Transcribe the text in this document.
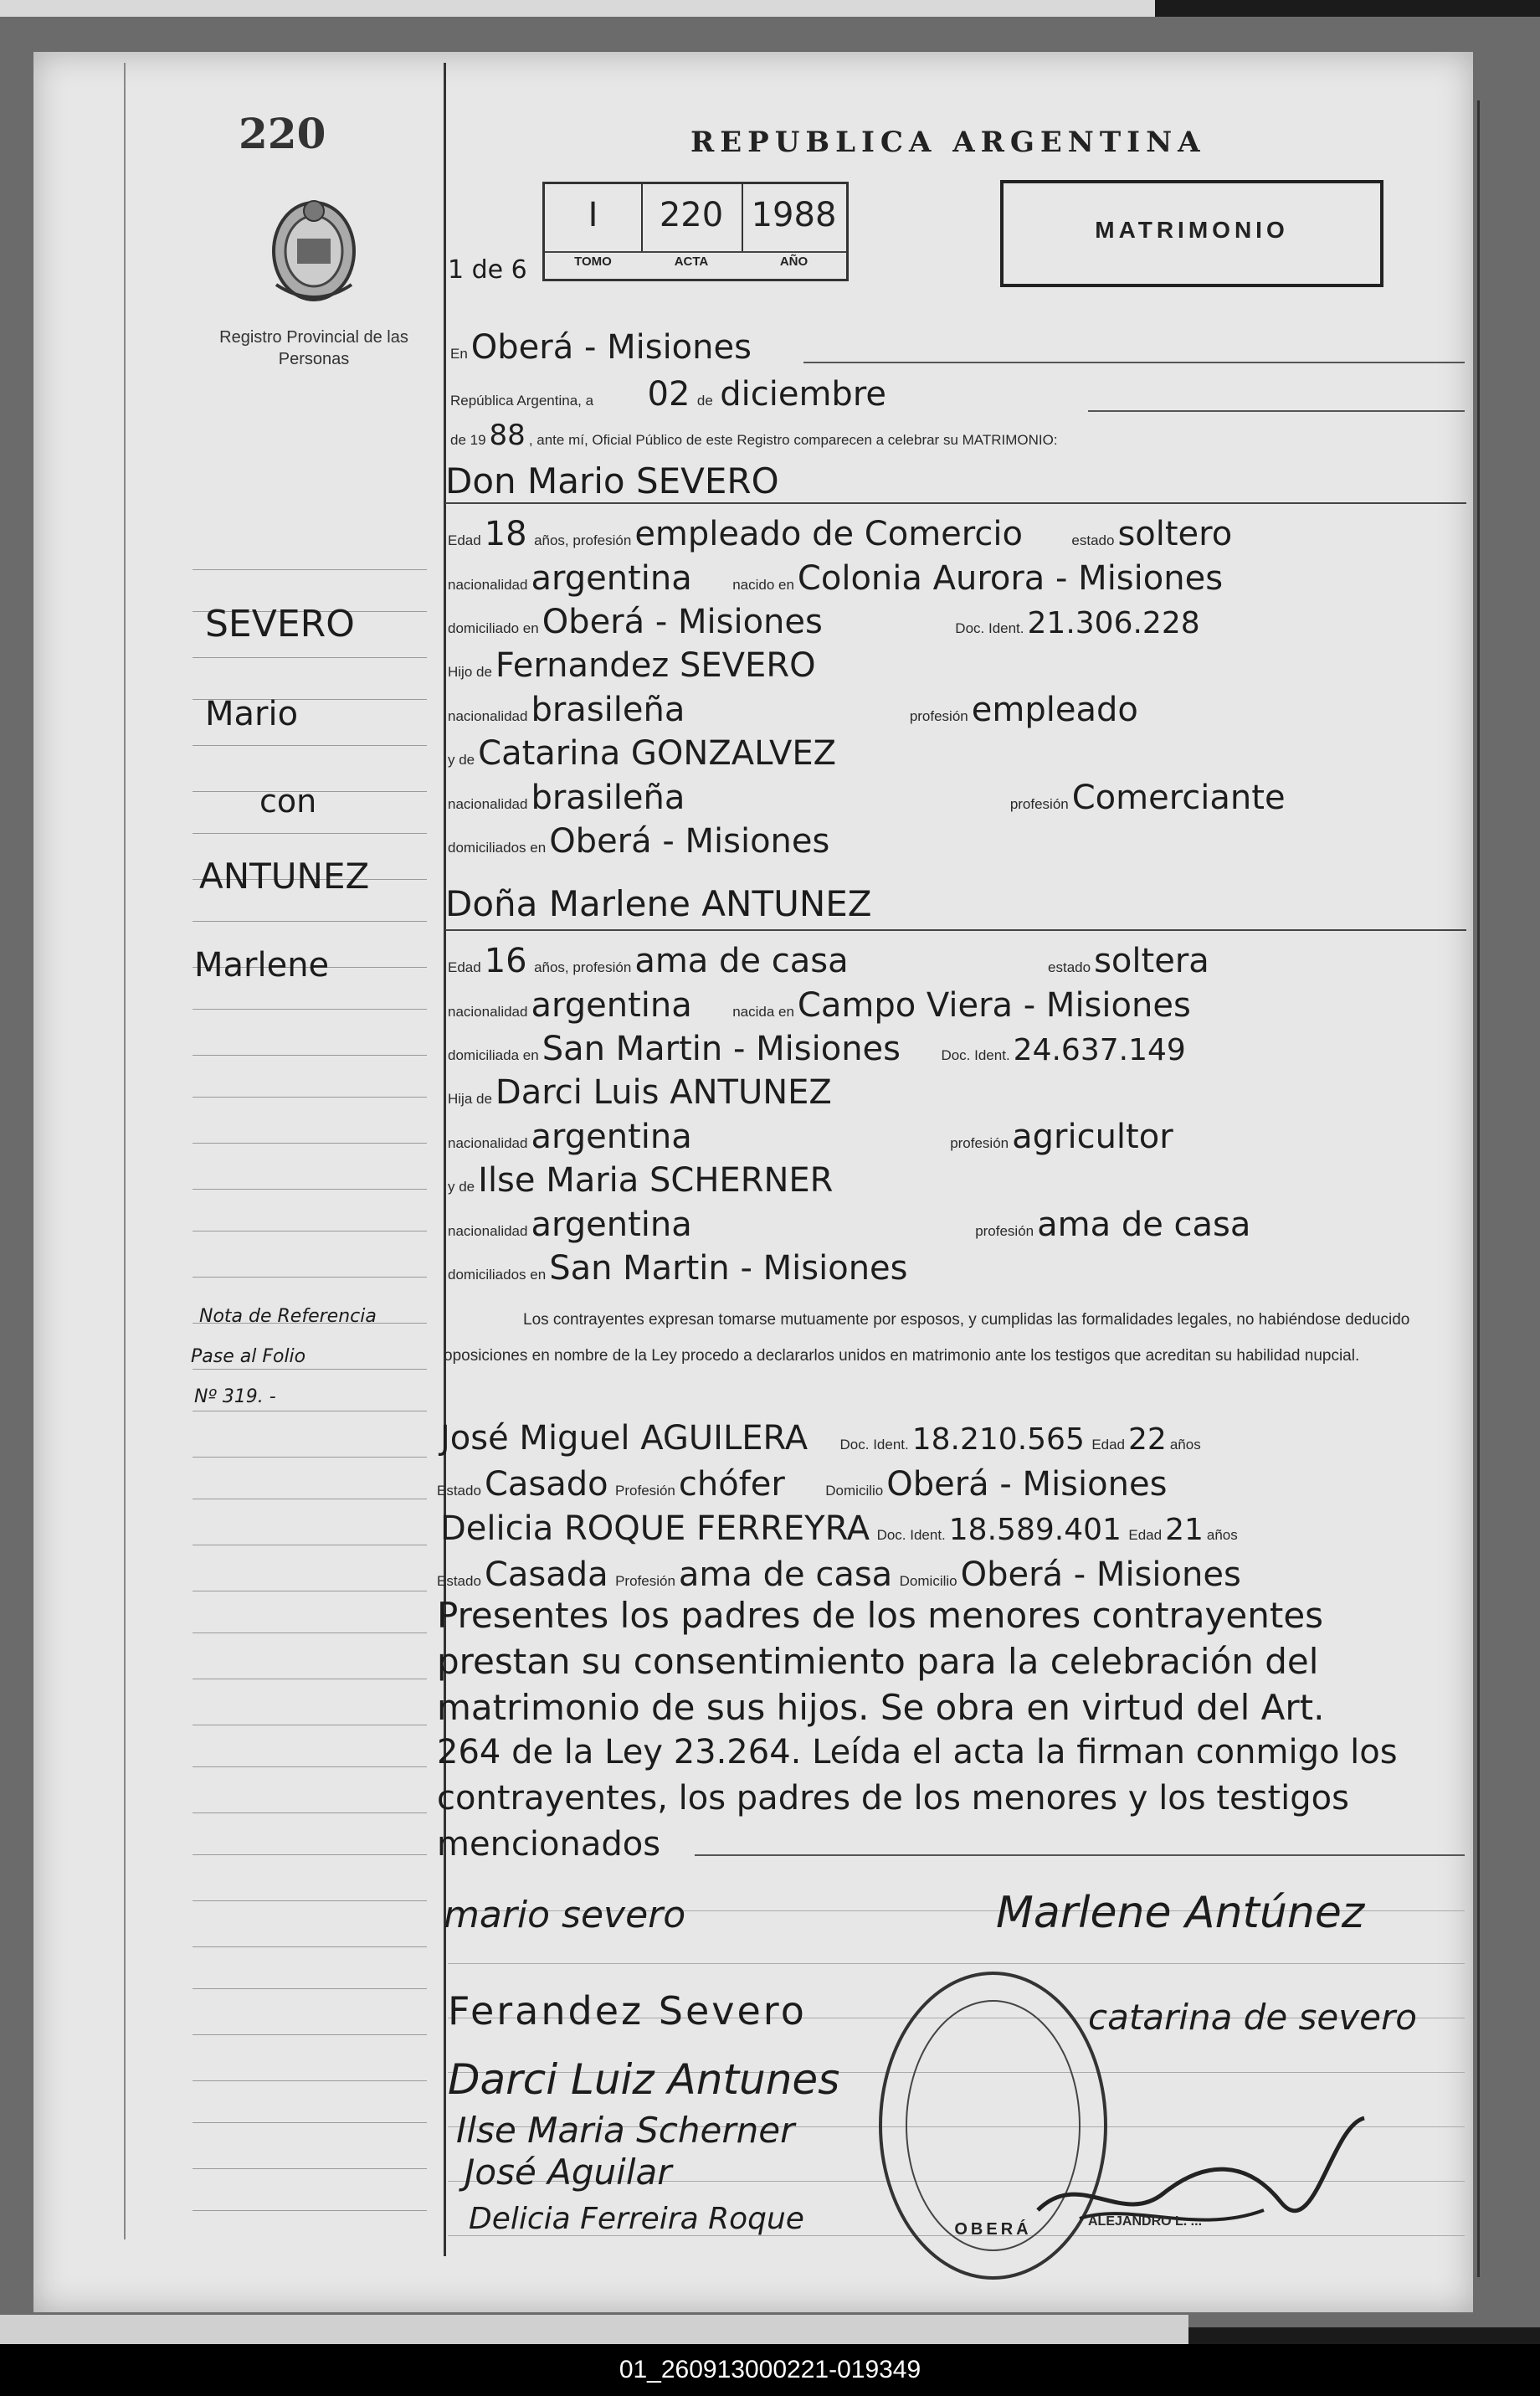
220	REPUBLICA ARGENTINA
MATRIMONIO
Registro Provincial de las Personas
1 de 6
I	220 1988
TOMO	ACTA	AÑO
En Oberá - Misiones
República Argentina, a 02 de diciembre
de 19 88 , ante mí, Oficial Público de este Registro comparecen a celebrar su MATRIMONIO:
Don Mario SEVERO
Edad 18 años, profesión empleado de Comercio	estado soltero
nacionalidad argentina	nacido en Colonia Aurora - Misiones
domiciliado en Oberá - Misiones	Doc. Ident. 21.306.228
Hijo de Fernandez SEVERO
nacionalidad brasileña	profesión empleado
y de Catarina GONZALVEZ
nacionalidad brasileña	profesión Comerciante
domiciliados en Oberá - Misiones
Doña Marlene ANTUNEZ
Edad 16 años, profesión ama de casa	estado soltera
nacionalidad argentina	nacida en Campo Viera - Misiones
domiciliada en San Martin - Misiones	Doc. Ident. 24.637.149
Hija de Darci Luis ANTUNEZ
nacionalidad argentina	profesión agricultor
y de Ilse Maria SCHERNER
nacionalidad argentina	profesión ama de casa
domiciliados en San Martin - Misiones
SEVERO
Mario
con
ANTUNEZ
Marlene
Nota de Referencia
Pase al Folio
Nº 319. -
Los contrayentes expresan tomarse mutuamente por esposos, y cumplidas las formalidades legales, no habiéndose deducido oposiciones en nombre de la Ley procedo a declararlos unidos en matrimonio ante los testigos que acreditan su habilidad nupcial.
José Miguel AGUILERA Doc. Ident. 18.210.565 Edad 22 años
Estado Casado Profesión chófer	Domicilio Oberá - Misiones
Delicia ROQUE FERREYRA Doc. Ident. 18.589.401 Edad 21 años
Estado Casada Profesión ama de casa Domicilio Oberá - Misiones
Presentes los padres de los menores contrayentes
prestan su consentimiento para la celebración del
matrimonio de sus hijos. Se obra en virtud del Art.
264 de la Ley 23.264. Leída el acta la firman conmigo los
contrayentes, los padres de los menores y los testigos
mencionados
mario severo	Marlene Antúnez
Ferandez Severo	catarina de severo
Darci Luiz Antunes
Ilse Maria Scherner
José Aguilar
Delicia Ferreira Roque	OBERÁ	ALEJANDRO L. ...
01_260913000221-019349
